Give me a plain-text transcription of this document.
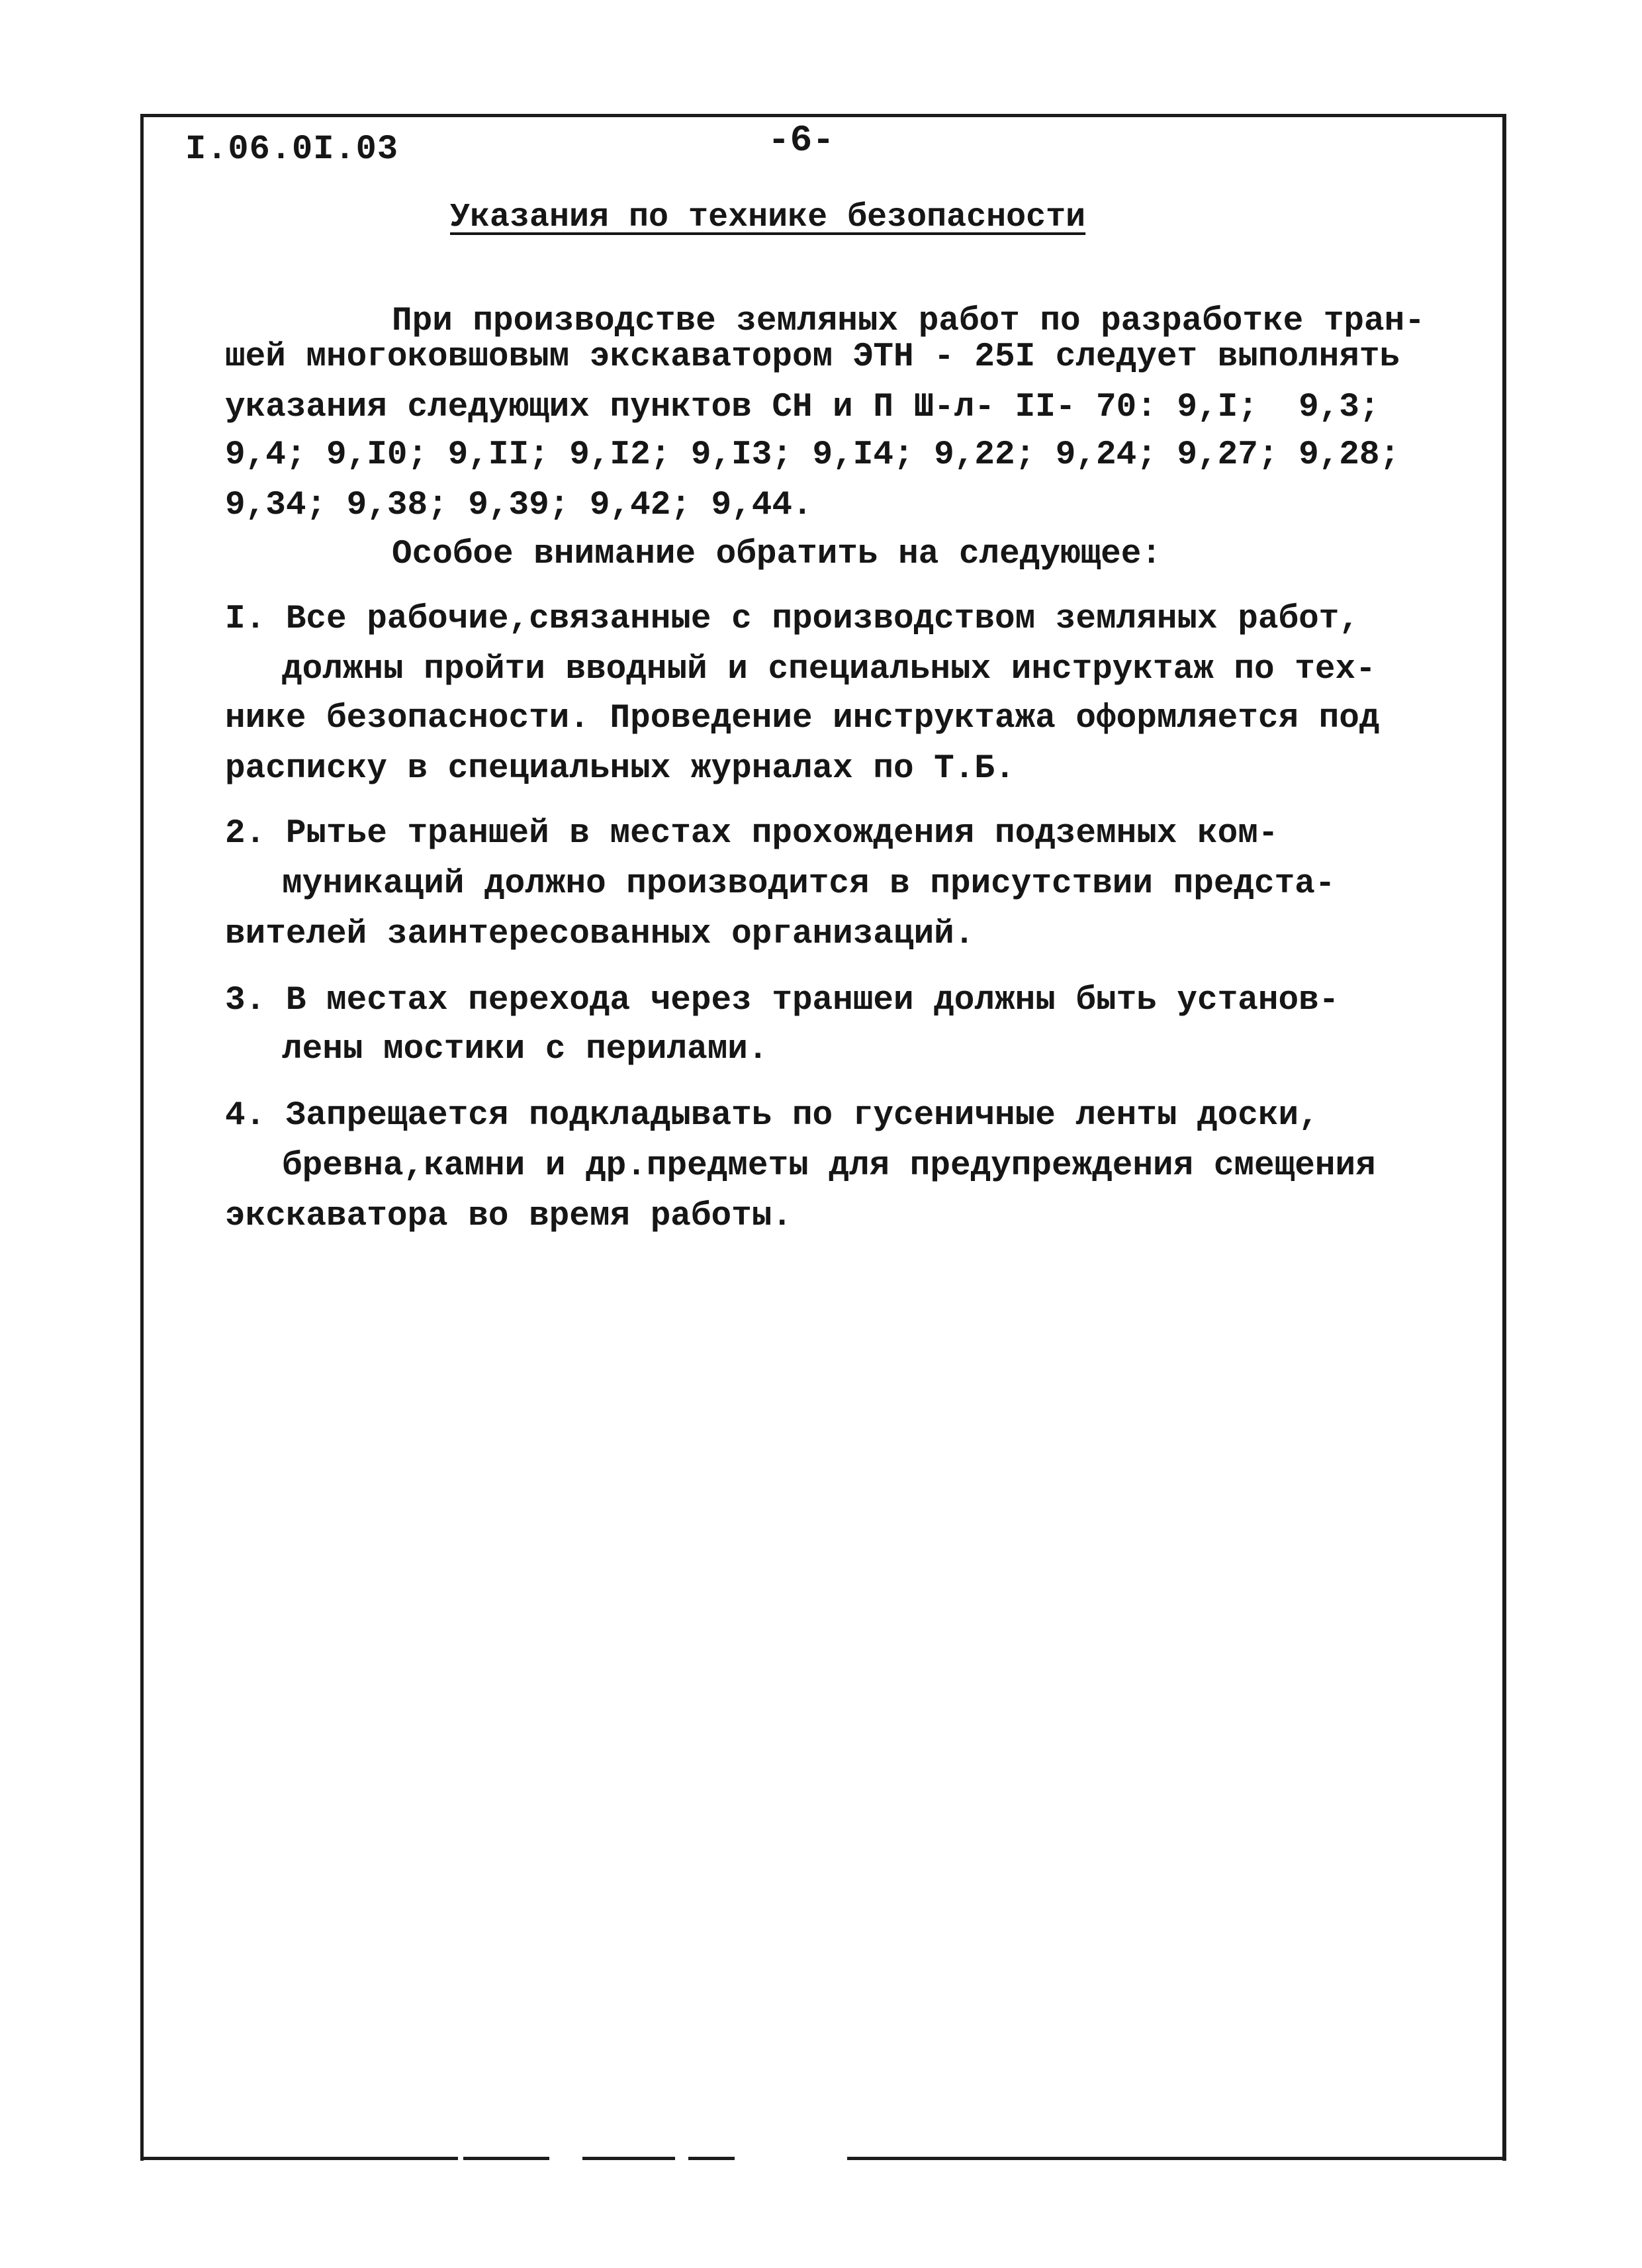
I.06.0I.03	-6-
Указания по технике безопасности
При производстве земляных работ по разработке тран-
шей многоковшовым экскаватором ЭТН - 25I следует выполнять
указания следующих пунктов СН и П Ш-л- II- 70: 9,I;  9,3;
9,4; 9,I0; 9,II; 9,I2; 9,I3; 9,I4; 9,22; 9,24; 9,27; 9,28;
9,34; 9,38; 9,39; 9,42; 9,44.
Особое внимание обратить на следующее:
I. Все рабочие,связанные с производством земляных работ,
должны пройти вводный и специальных инструктаж по тех-
нике безопасности. Проведение инструктажа оформляется под
расписку в специальных журналах по Т.Б.
2. Рытье траншей в местах прохождения подземных ком-
муникаций должно производится в присутствии предста-
вителей заинтересованных организаций.
3. В местах перехода через траншеи должны быть установ-
лены мостики с перилами.
4. Запрещается подкладывать по гусеничные ленты доски,
бревна,камни и др.предметы для предупреждения смещения
экскаватора во время работы.
